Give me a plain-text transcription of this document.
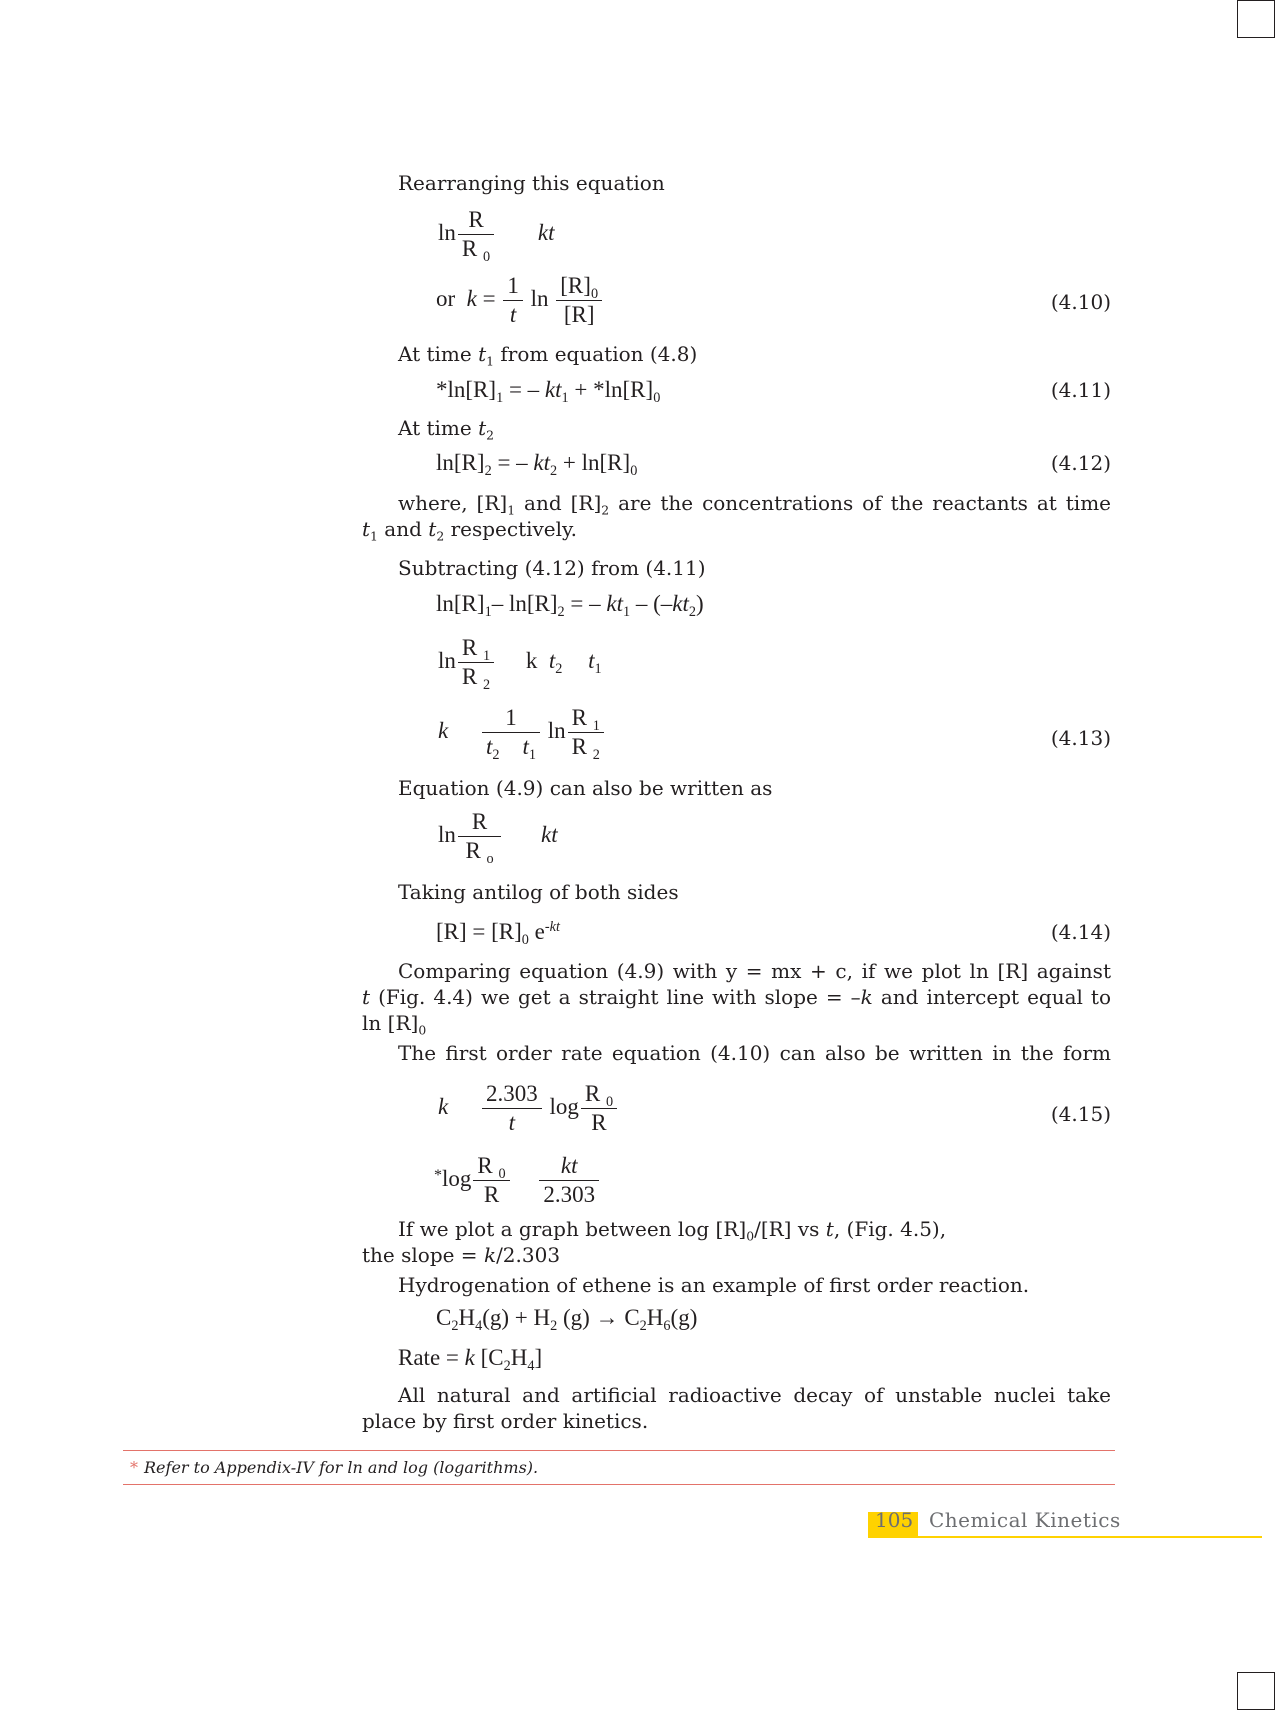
Rearranging this equation
$\ln \frac{R}{R _0}$ kt
or $k = \frac{1}{t}$ $\ln \frac{[R]_0}{[R]}$	(4.10)
At time $t_1$ from equation (4.8)
$*\ln[R]_1$ = – $kt_1 + *\ln[R]_0$	(4.11)
At time $t_2$
$\ln[R]_2$ = – $kt_2 + \ln[R]_0$	(4.12)
where, $[R]_1$ and $[R]_2$ are the concentrations of the reactants at time
$t_1$ and $t_2$ respectively.
Subtracting (4.12) from (4.11)
$\ln[R]_1-$ $\ln[R]_2$ = – $kt_1 - (-kt_2)$
$\ln \frac{R _1}{R _2}$ k $t_2$ $t_1$
k $\frac{1}{t_2 t_1}$ $\ln \frac{R _1}{R _2}$	(4.13)
Equation (4.9) can also be written as
$\ln \frac{R}{R _o}$ kt
Taking antilog of both sides
$[R] = [R]_0$ $e^{-kt}$	(4.14)
Comparing equation (4.9) with y = mx + c, if we plot ln [R] against
t (Fig. 4.4) we get a straight line with slope = –k and intercept equal to
$\ln [R]_0$
The first order rate equation (4.10) can also be written in the form
k $\frac{2.303}{t}$ $\log \frac{R _0}{R}$	(4.15)
$^*\log \frac{R _0}{R}$
$\frac{kt}{2.303}$
If we plot a graph between $\log [R]_0/[R]$ vs t, (Fig. 4.5),
the slope = k/2.303
Hydrogenation of ethene is an example of first order reaction.
$C_2H_4(g) + H_2$ $(g) \to C_2H_6(g)$
Rate = k $[C_2H_4]$
All natural and artificial radioactive decay of unstable nuclei take
place by first order kinetics.
* Refer to Appendix-IV for ln and log (logarithms).
105 Chemical Kinetics
